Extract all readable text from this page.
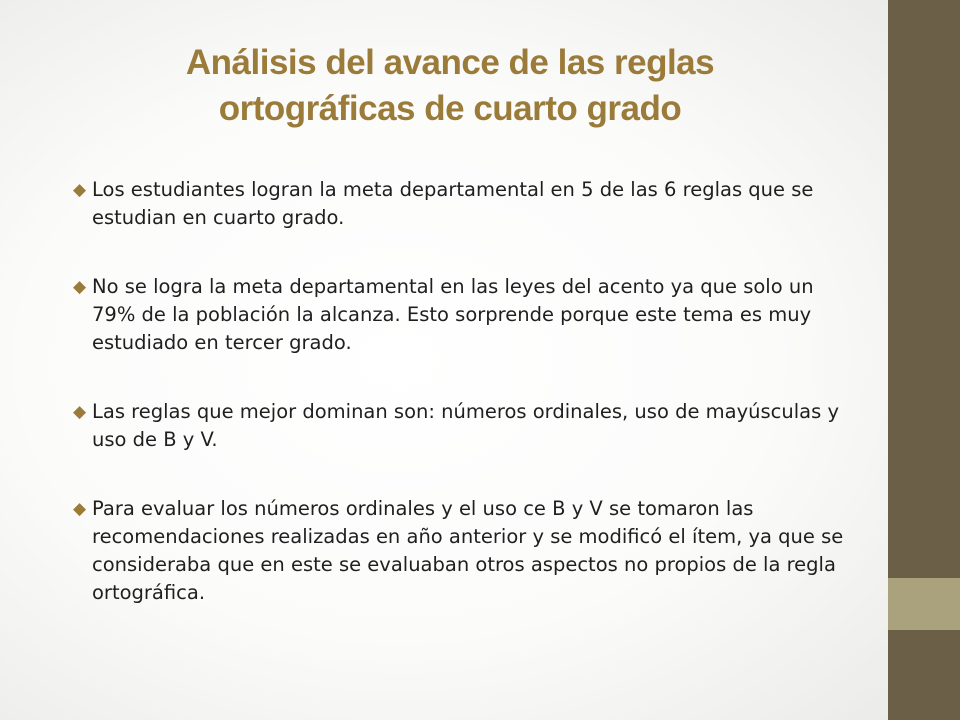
Análisis del avance de las reglas
ortográficas de cuarto grado
◆ Los estudiantes logran la meta departamental en 5 de las 6 reglas que se estudian en cuarto grado.
◆ No se logra la meta departamental en las leyes del acento ya que solo un 79% de la población la alcanza. Esto sorprende porque este tema es muy estudiado en tercer grado.
◆ Las reglas que mejor dominan son: números ordinales, uso de mayúsculas y uso de B y V.
◆ Para evaluar los números ordinales y el uso ce B y V se tomaron las recomendaciones realizadas en año anterior y se modificó el ítem, ya que se consideraba que en este se evaluaban otros aspectos no propios de la regla ortográfica.
